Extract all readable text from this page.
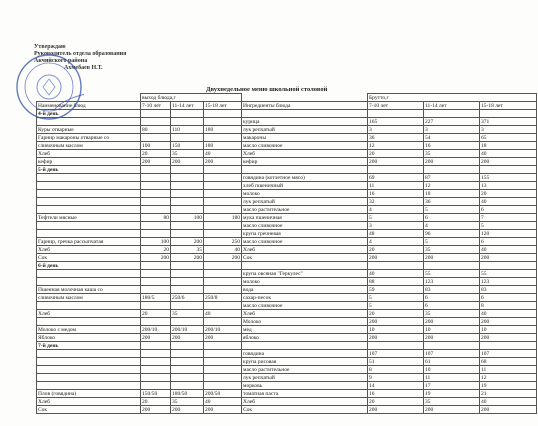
Утверждаю
Руководитель отдела образования
Акчийского района
Ахмебаев Н.Т.
Двухнедельное меню школьной столовой
	выход блюда,г				Брутто,г		
Наименование блюд	7-10 лет	11-14 лет	15-18 лет	Ингредиенты блюда	7-10 лет	11-14 лет	15-18 лет
4-й день							
				курица	165	227	371
Куры отварные	80	110	180	лук репчатый	3	3	3
Гарнир макароны отварные со				макароны	36	54	65
сливочным маслом	100	150	180	масло сливочное	12	16	18
Хлеб	20	35	40	Хлеб	20	35	40
кефир	200	200	200	кефир	200	200	200
5-й день							
				говядина (котлетное мясо)	69	87	155
				хлеб пшеничный	11	12	13
				молоко	16	18	20
				лук репчатый	32	36	40
				масло растительное	4	5	6
Тефтели мясные	80	100	180	мука пшеничная	5	6	7
				масло сливочное	3	4	5
				крупа гречневая	48	96	120
Гарнир, гречка рассыпчатая	100	200	250	масло сливочное	4	5	6
Хлеб	20	35	40	Хлеб	20	35	40
Сок	200	200	200	Сок	200	200	200
6-й день							
				крупа овсяная "Геркулес"	40	55	55
				молоко	88	123	123
Пшенная молочная каша со				вода	59	83	83
сливочным маслом	180/5	250/6	250/8	сахар-песок	5	6	6
				масло сливочное	5	6	8
Хлеб	20	35	40	Хлеб	20	35	40
				Молоко	200	200	200
Молоко с медом	200/10	200/10	200/10	мед	10	10	10
Яблоко	200	200	200	яблоко	200	200	200
7-й день							
				говядина	107	107	107
				крупа рисовая	51	61	68
				масло растительное	8	10	11
				лук репчатый	9	11	12
				морковь	14	17	19
Плов (говядина)	150/50	180/50	200/50	томатная паста	16	19	21
Хлеб	20	35	40	Хлеб	20	35	40
Сок	200	200	200	Сок	200	200	200
